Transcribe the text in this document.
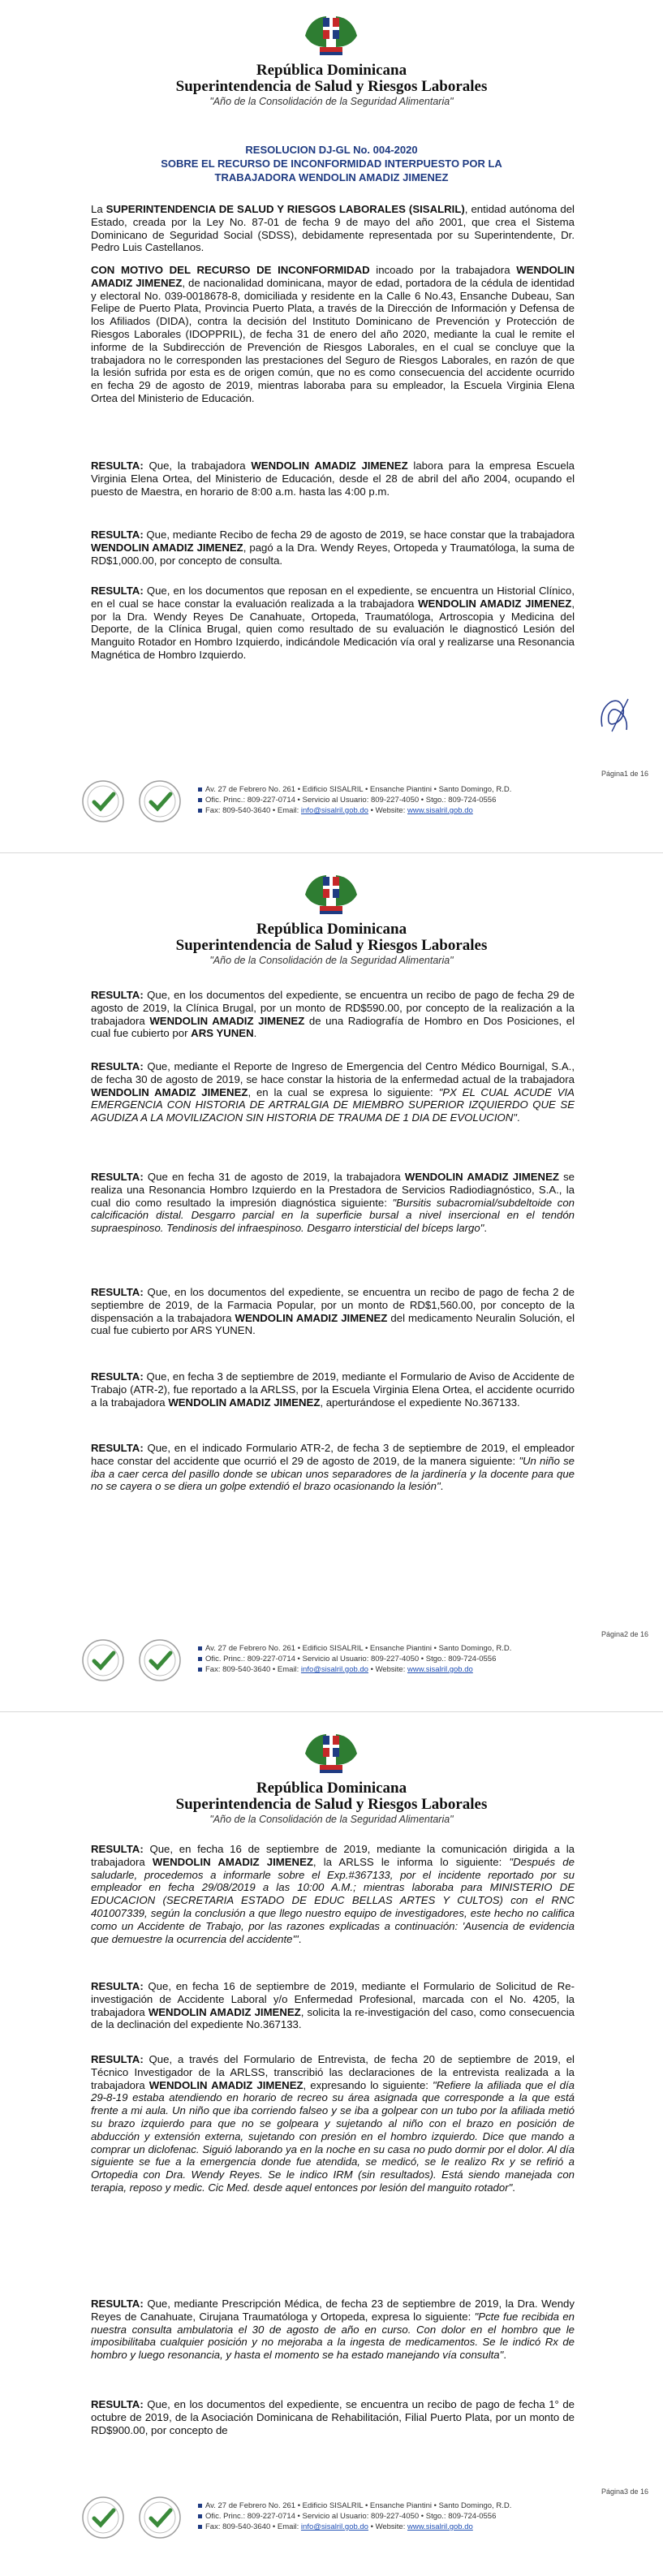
República Dominicana
Superintendencia de Salud y Riesgos Laborales
"Año de la Consolidación de la Seguridad Alimentaria"
RESOLUCION DJ-GL No. 004-2020
SOBRE EL RECURSO DE INCONFORMIDAD INTERPUESTO POR LA
TRABAJADORA WENDOLIN AMADIZ JIMENEZ
La SUPERINTENDENCIA DE SALUD Y RIESGOS LABORALES (SISALRIL), entidad autónoma del Estado, creada por la Ley No. 87-01 de fecha 9 de mayo del año 2001, que crea el Sistema Dominicano de Seguridad Social (SDSS), debidamente representada por su Superintendente, Dr. Pedro Luis Castellanos.
CON MOTIVO DEL RECURSO DE INCONFORMIDAD incoado por la trabajadora WENDOLIN AMADIZ JIMENEZ, de nacionalidad dominicana, mayor de edad, portadora de la cédula de identidad y electoral No. 039-0018678-8, domiciliada y residente en la Calle 6 No.43, Ensanche Dubeau, San Felipe de Puerto Plata, Provincia Puerto Plata, a través de la Dirección de Información y Defensa de los Afiliados (DIDA), contra la decisión del Instituto Dominicano de Prevención y Protección de Riesgos Laborales (IDOPPRIL), de fecha 31 de enero del año 2020, mediante la cual le remite el informe de la Subdirección de Prevención de Riesgos Laborales, en el cual se concluye que la trabajadora no le corresponden las prestaciones del Seguro de Riesgos Laborales, en razón de que la lesión sufrida por esta es de origen común, que no es como consecuencia del accidente ocurrido en fecha 29 de agosto de 2019, mientras laboraba para su empleador, la Escuela Virginia Elena Ortea del Ministerio de Educación.
RESULTA: Que, la trabajadora WENDOLIN AMADIZ JIMENEZ labora para la empresa Escuela Virginia Elena Ortea, del Ministerio de Educación, desde el 28 de abril del año 2004, ocupando el puesto de Maestra, en horario de 8:00 a.m. hasta las 4:00 p.m.
RESULTA: Que, mediante Recibo de fecha 29 de agosto de 2019, se hace constar que la trabajadora WENDOLIN AMADIZ JIMENEZ, pagó a la Dra. Wendy Reyes, Ortopeda y Traumatóloga, la suma de RD$1,000.00, por concepto de consulta.
RESULTA: Que, en los documentos que reposan en el expediente, se encuentra un Historial Clínico, en el cual se hace constar la evaluación realizada a la trabajadora WENDOLIN AMADIZ JIMENEZ, por la Dra. Wendy Reyes De Canahuate, Ortopeda, Traumatóloga, Artroscopia y Medicina del Deporte, de la Clínica Brugal, quien como resultado de su evaluación le diagnosticó Lesión del Manguito Rotador en Hombro Izquierdo, indicándole Medicación vía oral y realizarse una Resonancia Magnética de Hombro Izquierdo.
Página1 de 16
Av. 27 de Febrero No. 261 • Edificio SISALRIL • Ensanche Piantini • Santo Domingo, R.D.
Ofic. Princ.: 809-227-0714 • Servicio al Usuario: 809-227-4050 • Stgo.: 809-724-0556
Fax: 809-540-3640 • Email: info@sisalril.gob.do • Website: www.sisalril.gob.do
República Dominicana
Superintendencia de Salud y Riesgos Laborales
"Año de la Consolidación de la Seguridad Alimentaria"
RESULTA: Que, en los documentos del expediente, se encuentra un recibo de pago de fecha 29 de agosto de 2019, la Clínica Brugal, por un monto de RD$590.00, por concepto de la realización a la trabajadora WENDOLIN AMADIZ JIMENEZ de una Radiografía de Hombro en Dos Posiciones, el cual fue cubierto por ARS YUNEN.
RESULTA: Que, mediante el Reporte de Ingreso de Emergencia del Centro Médico Bournigal, S.A., de fecha 30 de agosto de 2019, se hace constar la historia de la enfermedad actual de la trabajadora WENDOLIN AMADIZ JIMENEZ, en la cual se expresa lo siguiente: "PX EL CUAL ACUDE VIA EMERGENCIA CON HISTORIA DE ARTRALGIA DE MIEMBRO SUPERIOR IZQUIERDO QUE SE AGUDIZA A LA MOVILIZACION SIN HISTORIA DE TRAUMA DE 1 DIA DE EVOLUCION".
RESULTA: Que en fecha 31 de agosto de 2019, la trabajadora WENDOLIN AMADIZ JIMENEZ se realiza una Resonancia Hombro Izquierdo en la Prestadora de Servicios Radiodiagnóstico, S.A., la cual dio como resultado la impresión diagnóstica siguiente: "Bursitis subacromial/subdeltoide con calcificación distal. Desgarro parcial en la superficie bursal a nivel insercional en el tendón supraespinoso. Tendinosis del infraespinoso. Desgarro intersticial del bíceps largo".
RESULTA: Que, en los documentos del expediente, se encuentra un recibo de pago de fecha 2 de septiembre de 2019, de la Farmacia Popular, por un monto de RD$1,560.00, por concepto de la dispensación a la trabajadora WENDOLIN AMADIZ JIMENEZ del medicamento Neuralin Solución, el cual fue cubierto por ARS YUNEN.
RESULTA: Que, en fecha 3 de septiembre de 2019, mediante el Formulario de Aviso de Accidente de Trabajo (ATR-2), fue reportado a la ARLSS, por la Escuela Virginia Elena Ortea, el accidente ocurrido a la trabajadora WENDOLIN AMADIZ JIMENEZ, aperturándose el expediente No.367133.
RESULTA: Que, en el indicado Formulario ATR-2, de fecha 3 de septiembre de 2019, el empleador hace constar del accidente que ocurrió el 29 de agosto de 2019, de la manera siguiente: "Un niño se iba a caer cerca del pasillo donde se ubican unos separadores de la jardinería y la docente para que no se cayera o se diera un golpe extendió el brazo ocasionando la lesión".
Página2 de 16
Av. 27 de Febrero No. 261 • Edificio SISALRIL • Ensanche Piantini • Santo Domingo, R.D.
Ofic. Princ.: 809-227-0714 • Servicio al Usuario: 809-227-4050 • Stgo.: 809-724-0556
Fax: 809-540-3640 • Email: info@sisalril.gob.do • Website: www.sisalril.gob.do
República Dominicana
Superintendencia de Salud y Riesgos Laborales
"Año de la Consolidación de la Seguridad Alimentaria"
RESULTA: Que, en fecha 16 de septiembre de 2019, mediante la comunicación dirigida a la trabajadora WENDOLIN AMADIZ JIMENEZ, la ARLSS le informa lo siguiente: "Después de saludarle, procedemos a informarle sobre el Exp.#367133, por el incidente reportado por su empleador en fecha 29/08/2019 a las 10:00 A.M.; mientras laboraba para MINISTERIO DE EDUCACION (SECRETARIA ESTADO DE EDUC BELLAS ARTES Y CULTOS) con el RNC 401007339, según la conclusión a que llego nuestro equipo de investigadores, este hecho no califica como un Accidente de Trabajo, por las razones explicadas a continuación: 'Ausencia de evidencia que demuestre la ocurrencia del accidente'".
RESULTA: Que, en fecha 16 de septiembre de 2019, mediante el Formulario de Solicitud de Re-investigación de Accidente Laboral y/o Enfermedad Profesional, marcada con el No. 4205, la trabajadora WENDOLIN AMADIZ JIMENEZ, solicita la re-investigación del caso, como consecuencia de la declinación del expediente No.367133.
RESULTA: Que, a través del Formulario de Entrevista, de fecha 20 de septiembre de 2019, el Técnico Investigador de la ARLSS, transcribió las declaraciones de la entrevista realizada a la trabajadora WENDOLIN AMADIZ JIMENEZ, expresando lo siguiente: "Refiere la afiliada que el día 29-8-19 estaba atendiendo en horario de recreo su área asignada que corresponde a la que está frente a mi aula. Un niño que iba corriendo falseo y se iba a golpear con un tubo por la afiliada metió su brazo izquierdo para que no se golpeara y sujetando al niño con el brazo en posición de abducción y extensión externa, sujetando con presión en el hombro izquierdo. Dice que mando a comprar un diclofenac. Siguió laborando ya en la noche en su casa no pudo dormir por el dolor. Al día siguiente se fue a la emergencia donde fue atendida, se medicó, se le realizo Rx y se refirió a Ortopedia con Dra. Wendy Reyes. Se le indico IRM (sin resultados). Está siendo manejada con terapia, reposo y medic. Cic Med. desde aquel entonces por lesión del manguito rotador".
RESULTA: Que, mediante Prescripción Médica, de fecha 23 de septiembre de 2019, la Dra. Wendy Reyes de Canahuate, Cirujana Traumatóloga y Ortopeda, expresa lo siguiente: "Pcte fue recibida en nuestra consulta ambulatoria el 30 de agosto de año en curso. Con dolor en el hombro que le imposibilitaba cualquier posición y no mejoraba a la ingesta de medicamentos. Se le indicó Rx de hombro y luego resonancia, y hasta el momento se ha estado manejando vía consulta".
RESULTA: Que, en los documentos del expediente, se encuentra un recibo de pago de fecha 1° de octubre de 2019, de la Asociación Dominicana de Rehabilitación, Filial Puerto Plata, por un monto de RD$900.00, por concepto de
Página3 de 16
Av. 27 de Febrero No. 261 • Edificio SISALRIL • Ensanche Piantini • Santo Domingo, R.D.
Ofic. Princ.: 809-227-0714 • Servicio al Usuario: 809-227-4050 • Stgo.: 809-724-0556
Fax: 809-540-3640 • Email: info@sisalril.gob.do • Website: www.sisalril.gob.do
